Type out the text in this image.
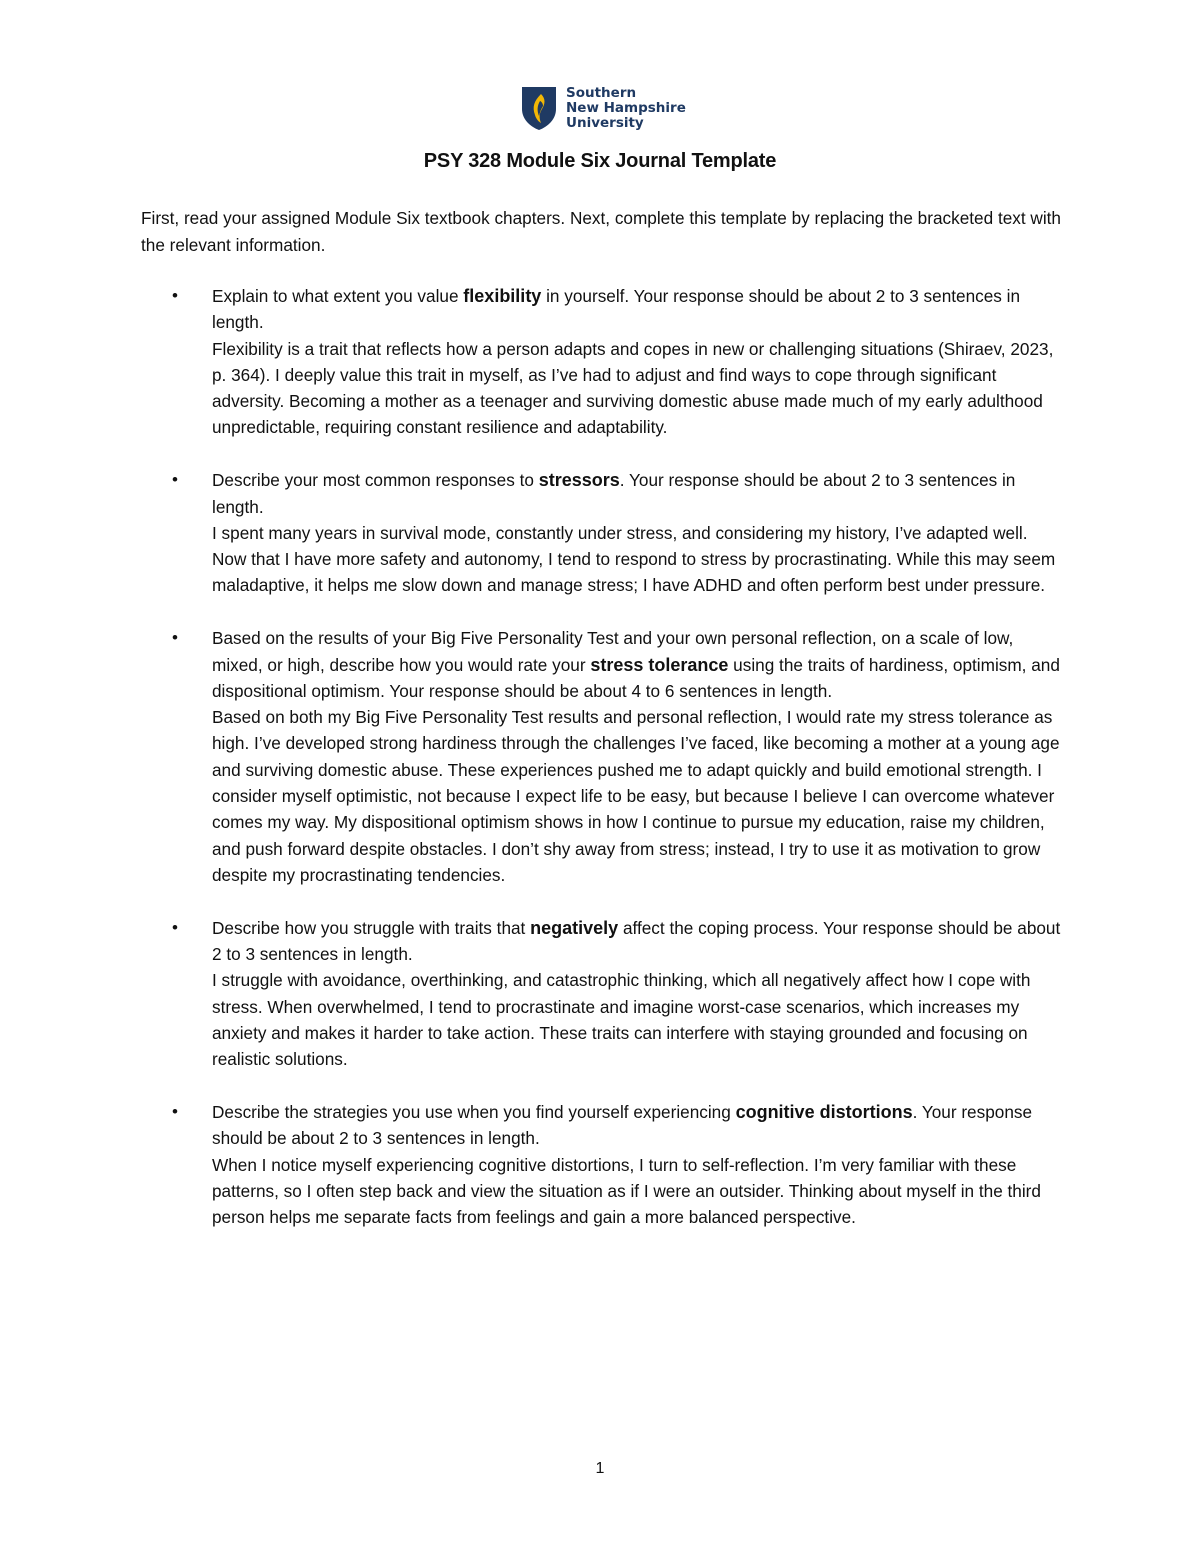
Southern
New Hampshire
University
PSY 328 Module Six Journal Template
First, read your assigned Module Six textbook chapters. Next, complete this template by replacing the bracketed text with the relevant information.
• Explain to what extent you value flexibility in yourself. Your response should be about 2 to 3 sentences in length.
Flexibility is a trait that reflects how a person adapts and copes in new or challenging situations (Shiraev, 2023, p. 364). I deeply value this trait in myself, as I’ve had to adjust and find ways to cope through significant adversity. Becoming a mother as a teenager and surviving domestic abuse made much of my early adulthood unpredictable, requiring constant resilience and adaptability.
• Describe your most common responses to stressors. Your response should be about 2 to 3 sentences in length.
I spent many years in survival mode, constantly under stress, and considering my history, I’ve adapted well. Now that I have more safety and autonomy, I tend to respond to stress by procrastinating. While this may seem maladaptive, it helps me slow down and manage stress; I have ADHD and often perform best under pressure.
• Based on the results of your Big Five Personality Test and your own personal reflection, on a scale of low, mixed, or high, describe how you would rate your stress tolerance using the traits of hardiness, optimism, and dispositional optimism. Your response should be about 4 to 6 sentences in length.
Based on both my Big Five Personality Test results and personal reflection, I would rate my stress tolerance as high. I’ve developed strong hardiness through the challenges I’ve faced, like becoming a mother at a young age and surviving domestic abuse. These experiences pushed me to adapt quickly and build emotional strength. I consider myself optimistic, not because I expect life to be easy, but because I believe I can overcome whatever comes my way. My dispositional optimism shows in how I continue to pursue my education, raise my children, and push forward despite obstacles. I don’t shy away from stress; instead, I try to use it as motivation to grow despite my procrastinating tendencies.
• Describe how you struggle with traits that negatively affect the coping process. Your response should be about 2 to 3 sentences in length.
I struggle with avoidance, overthinking, and catastrophic thinking, which all negatively affect how I cope with stress. When overwhelmed, I tend to procrastinate and imagine worst-case scenarios, which increases my anxiety and makes it harder to take action. These traits can interfere with staying grounded and focusing on realistic solutions.
• Describe the strategies you use when you find yourself experiencing cognitive distortions. Your response should be about 2 to 3 sentences in length.
When I notice myself experiencing cognitive distortions, I turn to self-reflection. I’m very familiar with these patterns, so I often step back and view the situation as if I were an outsider. Thinking about myself in the third person helps me separate facts from feelings and gain a more balanced perspective.
1
